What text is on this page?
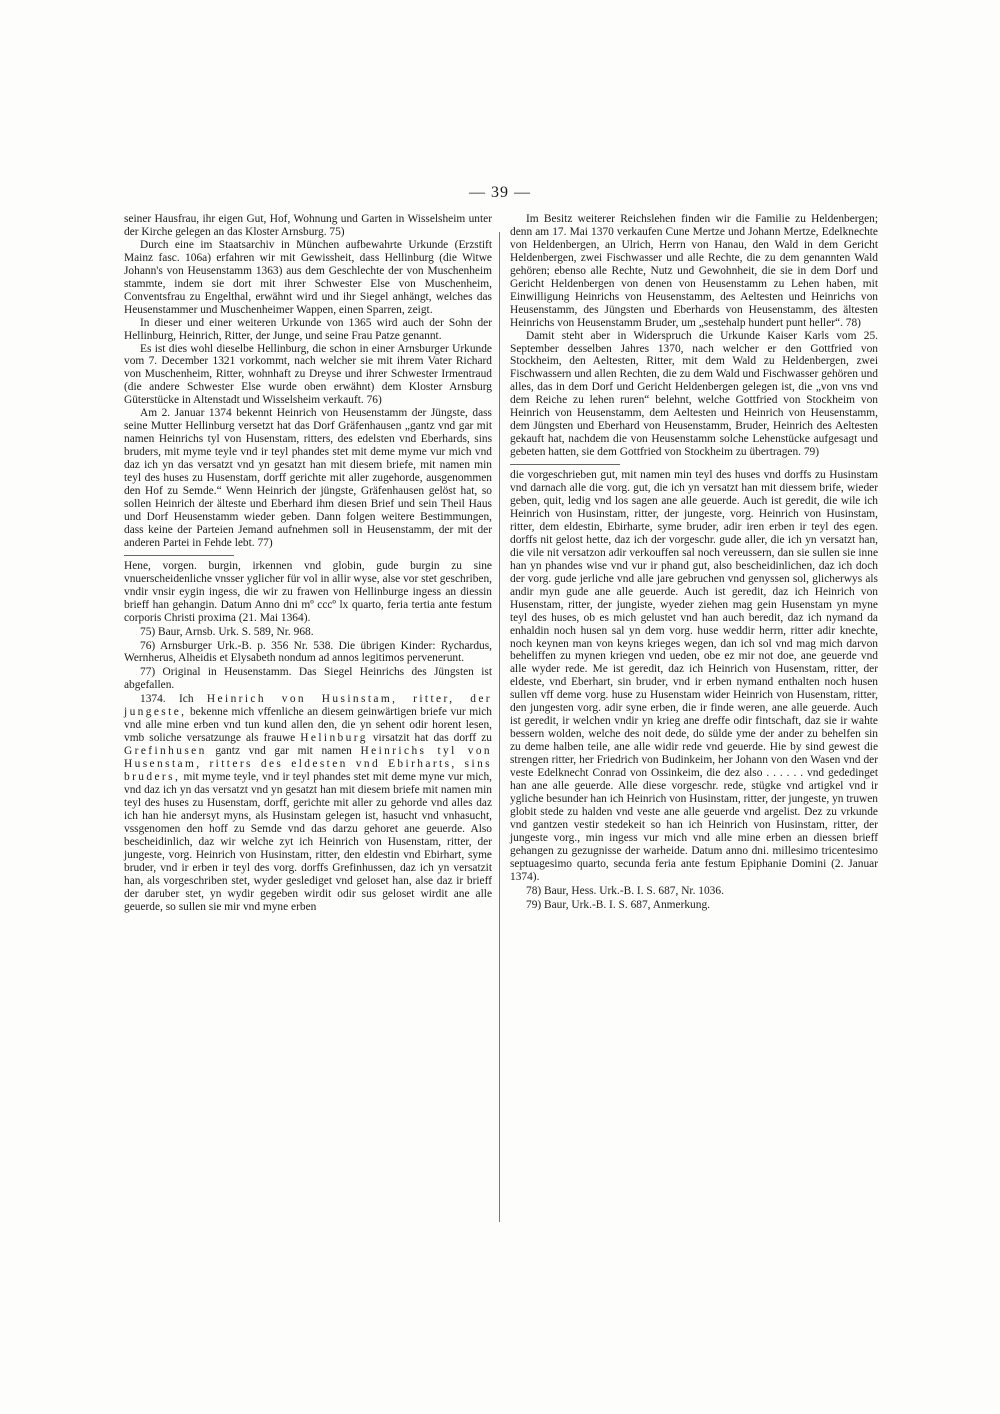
— 39 —

seiner Hausfrau, ihr eigen Gut, Hof, Wohnung und Garten in Wisselsheim unter der Kirche gelegen an das Kloster Arnsburg. 75)

Durch eine im Staatsarchiv in München aufbewahrte Urkunde (Erzstift Mainz fasc. 106a) erfahren wir mit Gewissheit, dass Hellinburg (die Witwe Johann's von Heusenstamm 1363) aus dem Geschlechte der von Muschenheim stammte, indem sie dort mit ihrer Schwester Else von Muschenheim, Conventsfrau zu Engelthal, erwähnt wird und ihr Siegel anhängt, welches das Heusenstammer und Muschenheimer Wappen, einen Sparren, zeigt.

In dieser und einer weiteren Urkunde von 1365 wird auch der Sohn der Hellinburg, Heinrich, Ritter, der Junge, und seine Frau Patze genannt.

Es ist dies wohl dieselbe Hellinburg, die schon in einer Arnsburger Urkunde vom 7. December 1321 vorkommt, nach welcher sie mit ihrem Vater Richard von Muschenheim, Ritter, wohnhaft zu Dreyse und ihrer Schwester Irmentraud (die andere Schwester Else wurde oben erwähnt) dem Kloster Arnsburg Güterstücke in Altenstadt und Wisselsheim verkauft. 76)

Am 2. Januar 1374 bekennt Heinrich von Heusenstamm der Jüngste, dass seine Mutter Hellinburg versetzt hat das Dorf Gräfenhausen „gantz vnd gar mit namen Heinrichs tyl von Husenstam, ritters, des edelsten vnd Eberhards, sins bruders, mit myme teyle vnd ir teyl phandes stet mit deme myme vur mich vnd daz ich yn das versatzt vnd yn gesatzt han mit diesem briefe, mit namen min teyl des huses zu Husenstam, dorff gerichte mit aller zugehorde, ausgenommen den Hof zu Semde.“ Wenn Heinrich der jüngste, Gräfenhausen gelöst hat, so sollen Heinrich der älteste und Eberhard ihm diesen Brief und sein Theil Haus und Dorf Heusenstamm wieder geben. Dann folgen weitere Bestimmungen, dass keine der Parteien Jemand aufnehmen soll in Heusenstamm, der mit der anderen Partei in Fehde lebt. 77)

Hene, vorgen. burgin, irkennen vnd globin, gude burgin zu sine vnuerscheidenliche vnsser yglicher für vol in allir wyse, alse vor stet geschriben, vndir vnsir eygin ingess, die wir zu frawen von Hellinburge ingess an diessin brieff han gehangin. Datum Anno dni mº cccº lx quarto, feria tertia ante festum corporis Christi proxima (21. Mai 1364).

75) Baur, Arnsb. Urk. S. 589, Nr. 968.

76) Arnsburger Urk.-B. p. 356 Nr. 538. Die übrigen Kinder: Rychardus, Wernherus, Alheidis et Elysabeth nondum ad annos legitimos pervenerunt.

77) Original in Heusenstamm. Das Siegel Heinrichs des Jüngsten ist abgefallen.

1374. Ich Heinrich von Husinstam, ritter, der jungeste, bekenne mich vffenliche an diesem geinwärtigen briefe vur mich vnd alle mine erben vnd tun kund allen den, die yn sehent odir horent lesen, vmb soliche versatzunge als frauwe Helinburg virsatzit hat das dorff zu Grefinhusen gantz vnd gar mit namen Heinrichs tyl von Husenstam, ritters des eldesten vnd Ebirharts, sins bruders, mit myme teyle, vnd ir teyl phandes stet mit deme myne vur mich, vnd daz ich yn das versatzt vnd yn gesatzt han mit diesem briefe mit namen min teyl des huses zu Husenstam, dorff, gerichte mit aller zu gehorde vnd alles daz ich han hie andersyt myns, als Husinstam gelegen ist, hasucht vnd vnhasucht, vssgenomen den hoff zu Semde vnd das darzu gehoret ane geuerde. Also bescheidinlich, daz wir welche zyt ich Heinrich von Husenstam, ritter, der jungeste, vorg. Heinrich von Husinstam, ritter, den eldestin vnd Ebirhart, syme bruder, vnd ir erben ir teyl des vorg. dorffs Grefinhussen, daz ich yn versatzit han, als vorgeschriben stet, wyder geslediget vnd geloset han, alse daz ir brieff der daruber stet, yn wydir gegeben wirdit odir sus geloset wirdit ane alle geuerde, so sullen sie mir vnd myne erben

Im Besitz weiterer Reichslehen finden wir die Familie zu Heldenbergen; denn am 17. Mai 1370 verkaufen Cune Mertze und Johann Mertze, Edelknechte von Heldenbergen, an Ulrich, Herrn von Hanau, den Wald in dem Gericht Heldenbergen, zwei Fischwasser und alle Rechte, die zu dem genannten Wald gehören; ebenso alle Rechte, Nutz und Gewohnheit, die sie in dem Dorf und Gericht Heldenbergen von denen von Heusenstamm zu Lehen haben, mit Einwilligung Heinrichs von Heusenstamm, des Aeltesten und Heinrichs von Heusenstamm, des Jüngsten und Eberhards von Heusenstamm, des ältesten Heinrichs von Heusenstamm Bruder, um „sestehalp hundert punt heller“. 78)

Damit steht aber in Widerspruch die Urkunde Kaiser Karls vom 25. September desselben Jahres 1370, nach welcher er den Gottfried von Stockheim, den Aeltesten, Ritter, mit dem Wald zu Heldenbergen, zwei Fischwassern und allen Rechten, die zu dem Wald und Fischwasser gehören und alles, das in dem Dorf und Gericht Heldenbergen gelegen ist, die „von vns vnd dem Reiche zu lehen ruren“ belehnt, welche Gottfried von Stockheim von Heinrich von Heusenstamm, dem Aeltesten und Heinrich von Heusenstamm, dem Jüngsten und Eberhard von Heusenstamm, Bruder, Heinrich des Aeltesten gekauft hat, nachdem die von Heusenstamm solche Lehenstücke aufgesagt und gebeten hatten, sie dem Gottfried von Stockheim zu übertragen. 79)

die vorgeschrieben gut, mit namen min teyl des huses vnd dorffs zu Husinstam vnd darnach alle die vorg. gut, die ich yn versatzt han mit diessem brife, wieder geben, quit, ledig vnd los sagen ane alle geuerde. Auch ist geredit, die wile ich Heinrich von Husinstam, ritter, der jungeste, vorg. Heinrich von Husinstam, ritter, dem eldestin, Ebirharte, syme bruder, adir iren erben ir teyl des egen. dorffs nit gelost hette, daz ich der vorgeschr. gude aller, die ich yn versatzt han, die vile nit versatzon adir verkouffen sal noch vereussern, dan sie sullen sie inne han yn phandes wise vnd vur ir phand gut, also bescheidinlichen, daz ich doch der vorg. gude jerliche vnd alle jare gebruchen vnd genyssen sol, glicherwys als andir myn gude ane alle geuerde. Auch ist geredit, daz ich Heinrich von Husenstam, ritter, der jungiste, wyeder ziehen mag gein Husenstam yn myne teyl des huses, ob es mich gelustet vnd han auch beredit, daz ich nymand da enhaldin noch husen sal yn dem vorg. huse weddir herrn, ritter adir knechte, noch keynen man von keyns krieges wegen, dan ich sol vnd mag mich darvon beheliffen zu mynen kriegen vnd ueden, obe ez mir not doe, ane geuerde vnd alle wyder rede. Me ist geredit, daz ich Heinrich von Husenstam, ritter, der eldeste, vnd Eberhart, sin bruder, vnd ir erben nymand enthalten noch husen sullen vff deme vorg. huse zu Husenstam wider Heinrich von Husenstam, ritter, den jungesten vorg. adir syne erben, die ir finde weren, ane alle geuerde. Auch ist geredit, ir welchen vndir yn krieg ane dreffe odir fintschaft, daz sie ir wahte bessern wolden, welche des noit dede, do sülde yme der ander zu behelfen sin zu deme halben teile, ane alle widir rede vnd geuerde. Hie by sind gewest die strengen ritter, her Friedrich von Budinkeim, her Johann von den Wasen vnd der veste Edelknecht Conrad von Ossinkeim, die dez also . . . . . . vnd gededinget han ane alle geuerde. Alle diese vorgeschr. rede, stügke vnd artigkel vnd ir ygliche besunder han ich Heinrich von Husinstam, ritter, der jungeste, yn truwen globit stede zu halden vnd veste ane alle geuerde vnd argelist. Dez zu vrkunde vnd gantzen vestir stedekeit so han ich Heinrich von Husinstam, ritter, der jungeste vorg., min ingess vur mich vnd alle mine erben an diessen brieff gehangen zu gezugnisse der warheide. Datum anno dni. millesimo tricentesimo septuagesimo quarto, secunda feria ante festum Epiphanie Domini (2. Januar 1374).

78) Baur, Hess. Urk.-B. I. S. 687, Nr. 1036.

79) Baur, Urk.-B. I. S. 687, Anmerkung.
